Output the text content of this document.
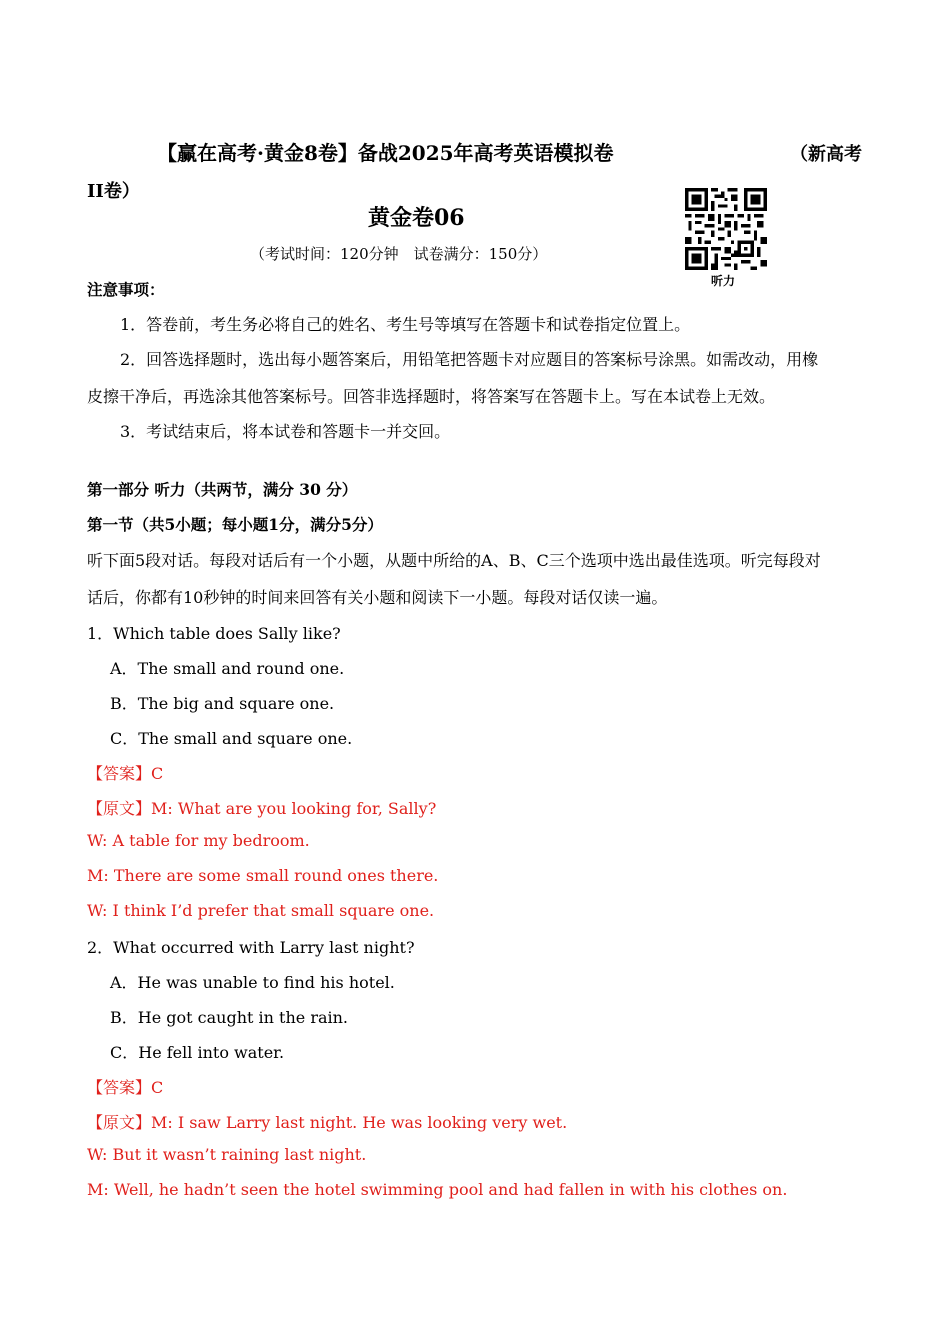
【赢在高考·黄金8卷】备战2025年高考英语模拟卷	（新高考
II卷）
黄金卷06
（考试时间：120分钟　试卷满分：150分）
听力
注意事项：
1．答卷前，考生务必将自己的姓名、考生号等填写在答题卡和试卷指定位置上。
2．回答选择题时，选出每小题答案后，用铅笔把答题卡对应题目的答案标号涂黑。如需改动，用橡
皮擦干净后，再选涂其他答案标号。回答非选择题时，将答案写在答题卡上。写在本试卷上无效。
3．考试结束后，将本试卷和答题卡一并交回。
第一部分 听力（共两节，满分 30 分）
第一节（共5小题；每小题1分，满分5分）
听下面5段对话。每段对话后有一个小题，从题中所给的A、B、C三个选项中选出最佳选项。听完每段对
话后，你都有10秒钟的时间来回答有关小题和阅读下一小题。每段对话仅读一遍。
1．Which table does Sally like?
A．The small and round one.
B．The big and square one.
C．The small and square one.
【答案】C
【原文】M: What are you looking for, Sally?
W: A table for my bedroom.
M: There are some small round ones there.
W: I think I’d prefer that small square one.
2．What occurred with Larry last night?
A．He was unable to find his hotel.
B．He got caught in the rain.
C．He fell into water.
【答案】C
【原文】M: I saw Larry last night. He was looking very wet.
W: But it wasn’t raining last night.
M: Well, he hadn’t seen the hotel swimming pool and had fallen in with his clothes on.
